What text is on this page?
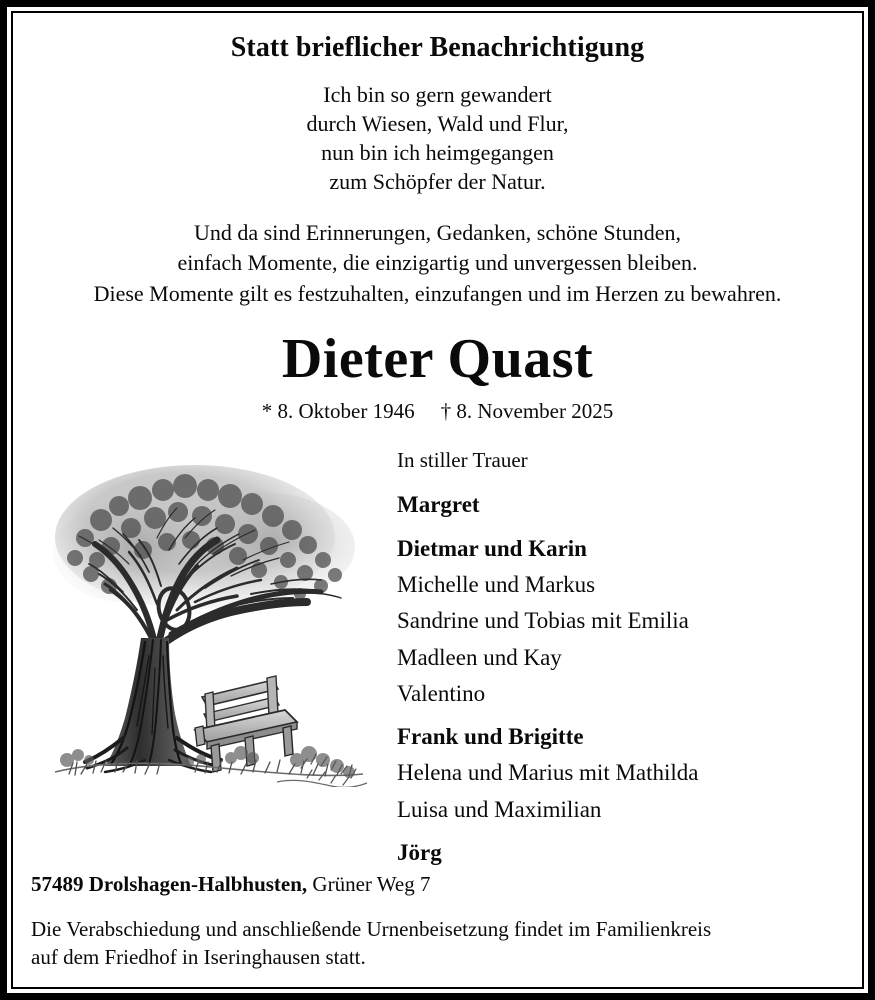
Statt brieflicher Benachrichtigung
Ich bin so gern gewandert
durch Wiesen, Wald und Flur,
nun bin ich heimgegangen
zum Schöpfer der Natur.
Und da sind Erinnerungen, Gedanken, schöne Stunden,
einfach Momente, die einzigartig und unvergessen bleiben.
Diese Momente gilt es festzuhalten, einzufangen und im Herzen zu bewahren.
Dieter Quast
* 8. Oktober 1946 † 8. November 2025
In stiller Trauer
Margret
Dietmar und Karin
Michelle und Markus
Sandrine und Tobias mit Emilia
Madleen und Kay
Valentino
Frank und Brigitte
Helena und Marius mit Mathilda
Luisa und Maximilian
Jörg
57489 Drolshagen-Halbhusten, Grüner Weg 7
Die Verabschiedung und anschließende Urnenbeisetzung findet im Familienkreis
auf dem Friedhof in Iseringhausen statt.
